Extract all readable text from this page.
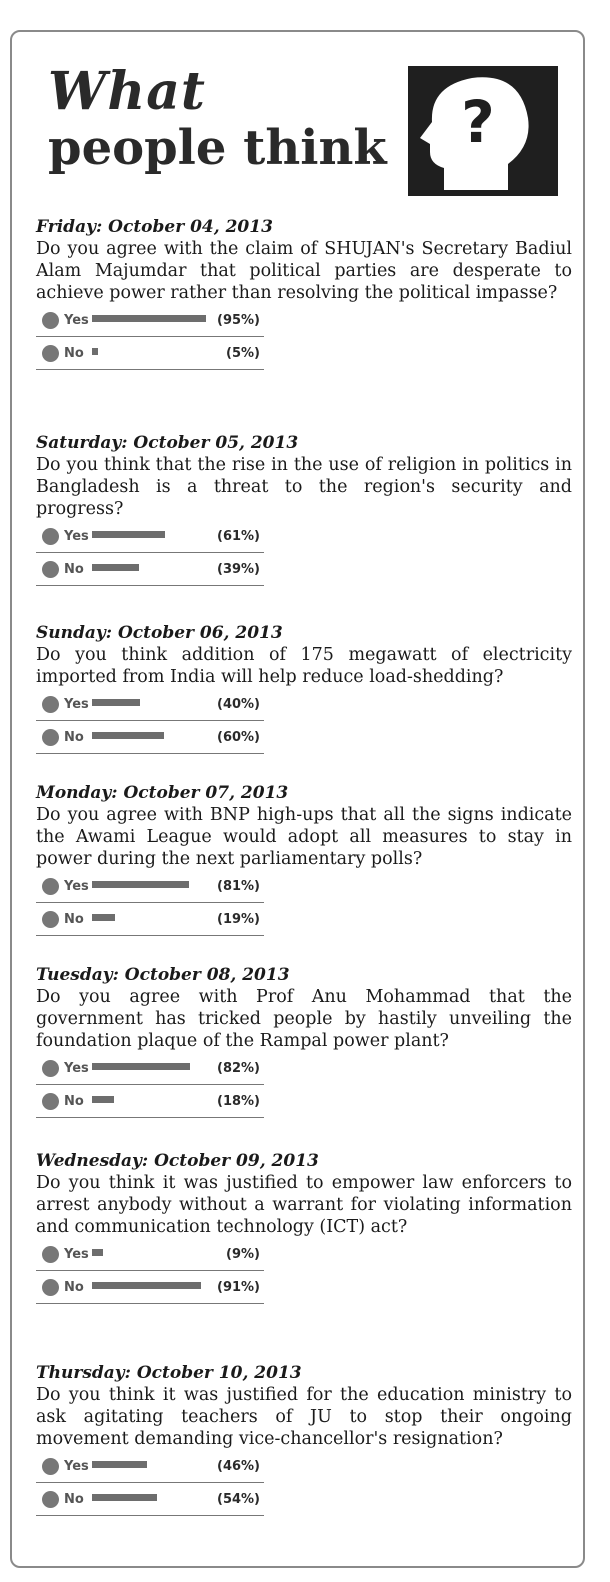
What
people think ?

Friday: October 04, 2013

Do you agree with the claim of SHUJAN's Secretary Badiul Alam Majumdar that political parties are desperate to achieve power rather than resolving the political impasse?

Yes	(95%)
No	(5%)

Saturday: October 05, 2013

Do you think that the rise in the use of religion in politics in Bangladesh is a threat to the region's security and progress?

Yes	(61%)
No	(39%)

Sunday: October 06, 2013

Do you think addition of 175 megawatt of electricity imported from India will help reduce load-shedding?

Yes	(40%)
No	(60%)

Monday: October 07, 2013

Do you agree with BNP high-ups that all the signs indicate the Awami League would adopt all measures to stay in power during the next parliamentary polls?

Yes	(81%)
No	(19%)

Tuesday: October 08, 2013

Do you agree with Prof Anu Mohammad that the government has tricked people by hastily unveiling the foundation plaque of the Rampal power plant?

Yes	(82%)
No	(18%)

Wednesday: October 09, 2013

Do you think it was justified to empower law enforcers to arrest anybody without a warrant for violating information and communication technology (ICT) act?

Yes	(9%)
No	(91%)

Thursday: October 10, 2013

Do you think it was justified for the education ministry to ask agitating teachers of JU to stop their ongoing movement demanding vice-chancellor's resignation?

Yes	(46%)
No	(54%)
